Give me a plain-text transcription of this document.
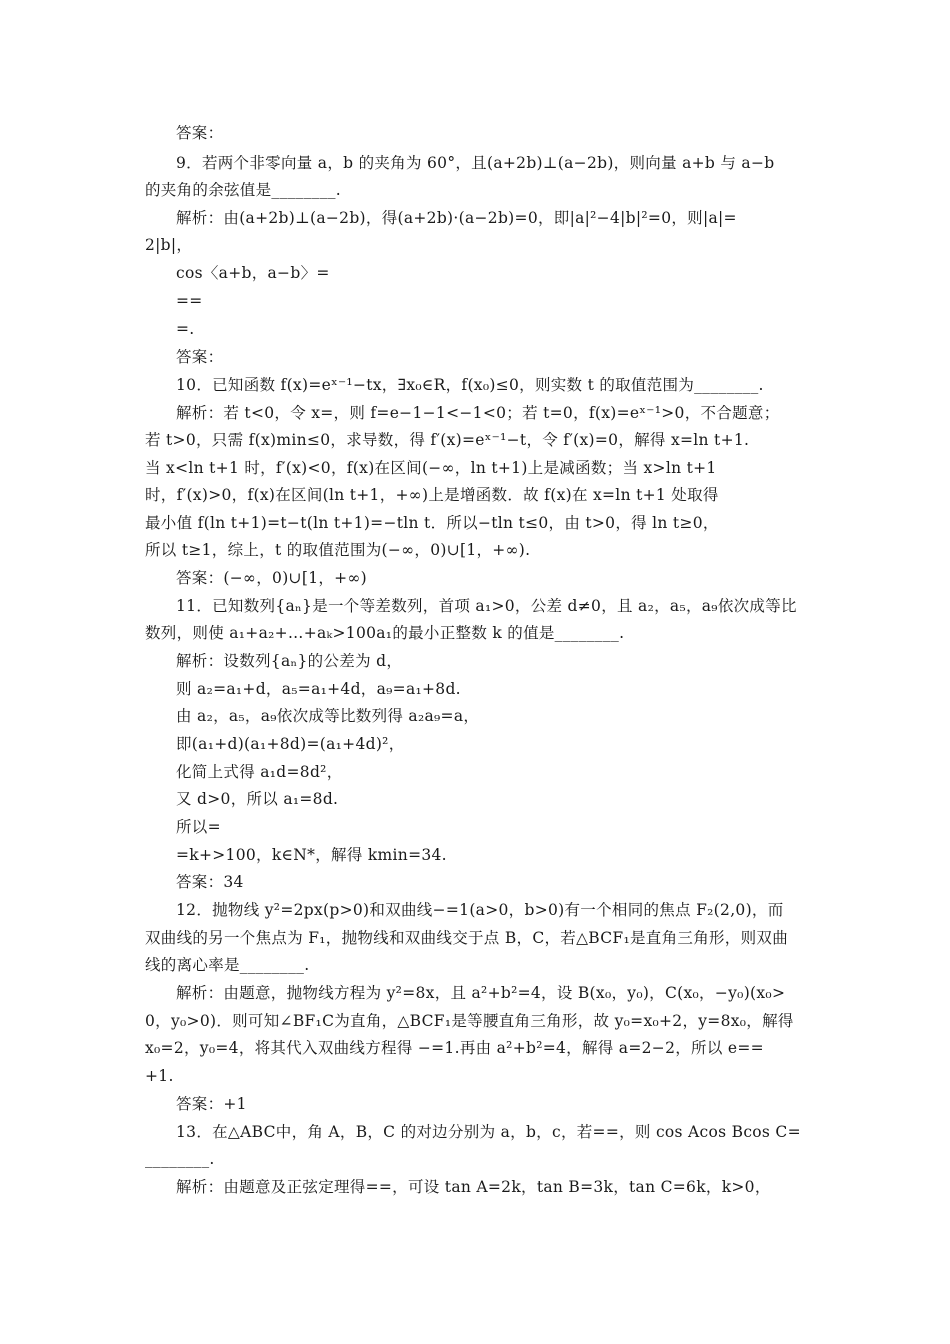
答案：
9．若两个非零向量 a，b 的夹角为 60°，且(a+2b)⊥(a−2b)，则向量 a+b 与 a−b
的夹角的余弦值是________.
解析：由(a+2b)⊥(a−2b)，得(a+2b)·(a−2b)=0，即|a|²−4|b|²=0，则|a|=
2|b|，
cos〈a+b，a−b〉=
==
=.
答案：
10．已知函数 f(x)=eˣ⁻¹−tx，∃x₀∈R，f(x₀)≤0，则实数 t 的取值范围为________.
解析：若 t<0，令 x=，则 f=e−1−1<−1<0；若 t=0，f(x)=eˣ⁻¹>0，不合题意；
若 t>0，只需 f(x)min≤0，求导数，得 f′(x)=eˣ⁻¹−t，令 f′(x)=0，解得 x=ln t+1.
当 x<ln t+1 时，f′(x)<0，f(x)在区间(−∞，ln t+1)上是减函数；当 x>ln t+1
时，f′(x)>0，f(x)在区间(ln t+1，+∞)上是增函数．故 f(x)在 x=ln t+1 处取得
最小值 f(ln t+1)=t−t(ln t+1)=−tln t．所以−tln t≤0，由 t>0，得 ln t≥0，
所以 t≥1，综上，t 的取值范围为(−∞，0)∪[1，+∞).
答案：(−∞，0)∪[1，+∞)
11．已知数列{aₙ}是一个等差数列，首项 a₁>0，公差 d≠0，且 a₂，a₅，a₉依次成等比
数列，则使 a₁+a₂+…+aₖ>100a₁的最小正整数 k 的值是________.
解析：设数列{aₙ}的公差为 d，
则 a₂=a₁+d，a₅=a₁+4d，a₉=a₁+8d.
由 a₂，a₅，a₉依次成等比数列得 a₂a₉=a，
即(a₁+d)(a₁+8d)=(a₁+4d)²，
化简上式得 a₁d=8d²，
又 d>0，所以 a₁=8d.
所以=
=k+>100，k∈N*，解得 kmin=34.
答案：34
12．抛物线 y²=2px(p>0)和双曲线−=1(a>0，b>0)有一个相同的焦点 F₂(2,0)，而
双曲线的另一个焦点为 F₁，抛物线和双曲线交于点 B，C，若△BCF₁是直角三角形，则双曲
线的离心率是________.
解析：由题意，抛物线方程为 y²=8x，且 a²+b²=4，设 B(x₀，y₀)，C(x₀，−y₀)(x₀>
0，y₀>0)．则可知∠BF₁C为直角，△BCF₁是等腰直角三角形，故 y₀=x₀+2，y=8x₀，解得
x₀=2，y₀=4，将其代入双曲线方程得 −=1.再由 a²+b²=4，解得 a=2−2，所以 e==
+1.
答案：+1
13．在△ABC中，角 A，B，C 的对边分别为 a，b，c，若==，则 cos Acos Bcos C=
________.
解析：由题意及正弦定理得==，可设 tan A=2k，tan B=3k，tan C=6k，k>0，
